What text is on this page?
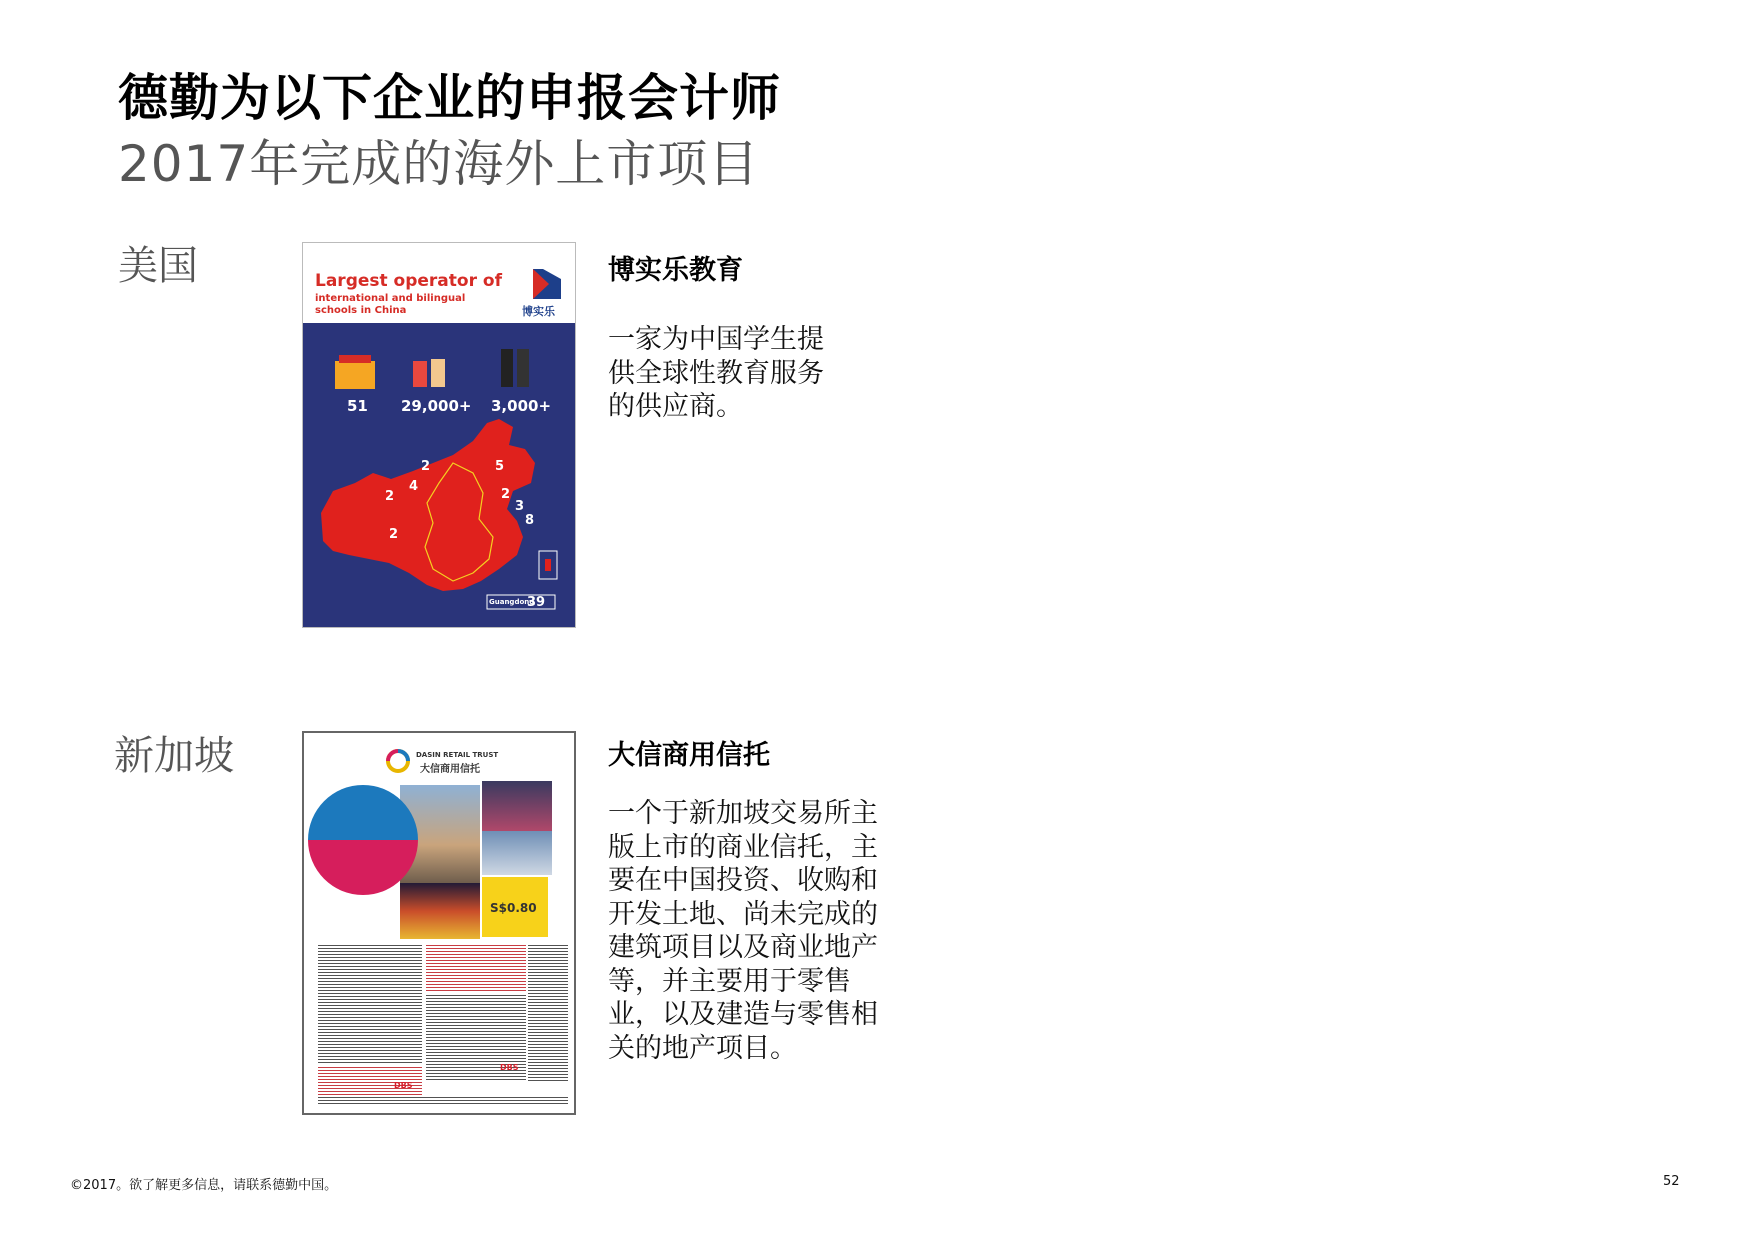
德勤为以下企业的申报会计师
2017年完成的海外上市项目
美国	Largest operator of
international and bilingual schools in China	博实乐
51 29,000+ 3,000+
2	5
4
2	2
3
8
2
39
Guangdong
博实乐教育
一家为中国学生提
供全球性教育服务
的供应商。
新加坡	DASIN RETAIL TRUST
大信商用信托
S$0.80
DBS
DBS
大信商用信托
一个于新加坡交易所主
版上市的商业信托，主
要在中国投资、收购和
开发土地、尚未完成的
建筑项目以及商业地产
等，并主要用于零售
业，以及建造与零售相
关的地产项目。
©2017。欲了解更多信息，请联系德勤中国。	52
